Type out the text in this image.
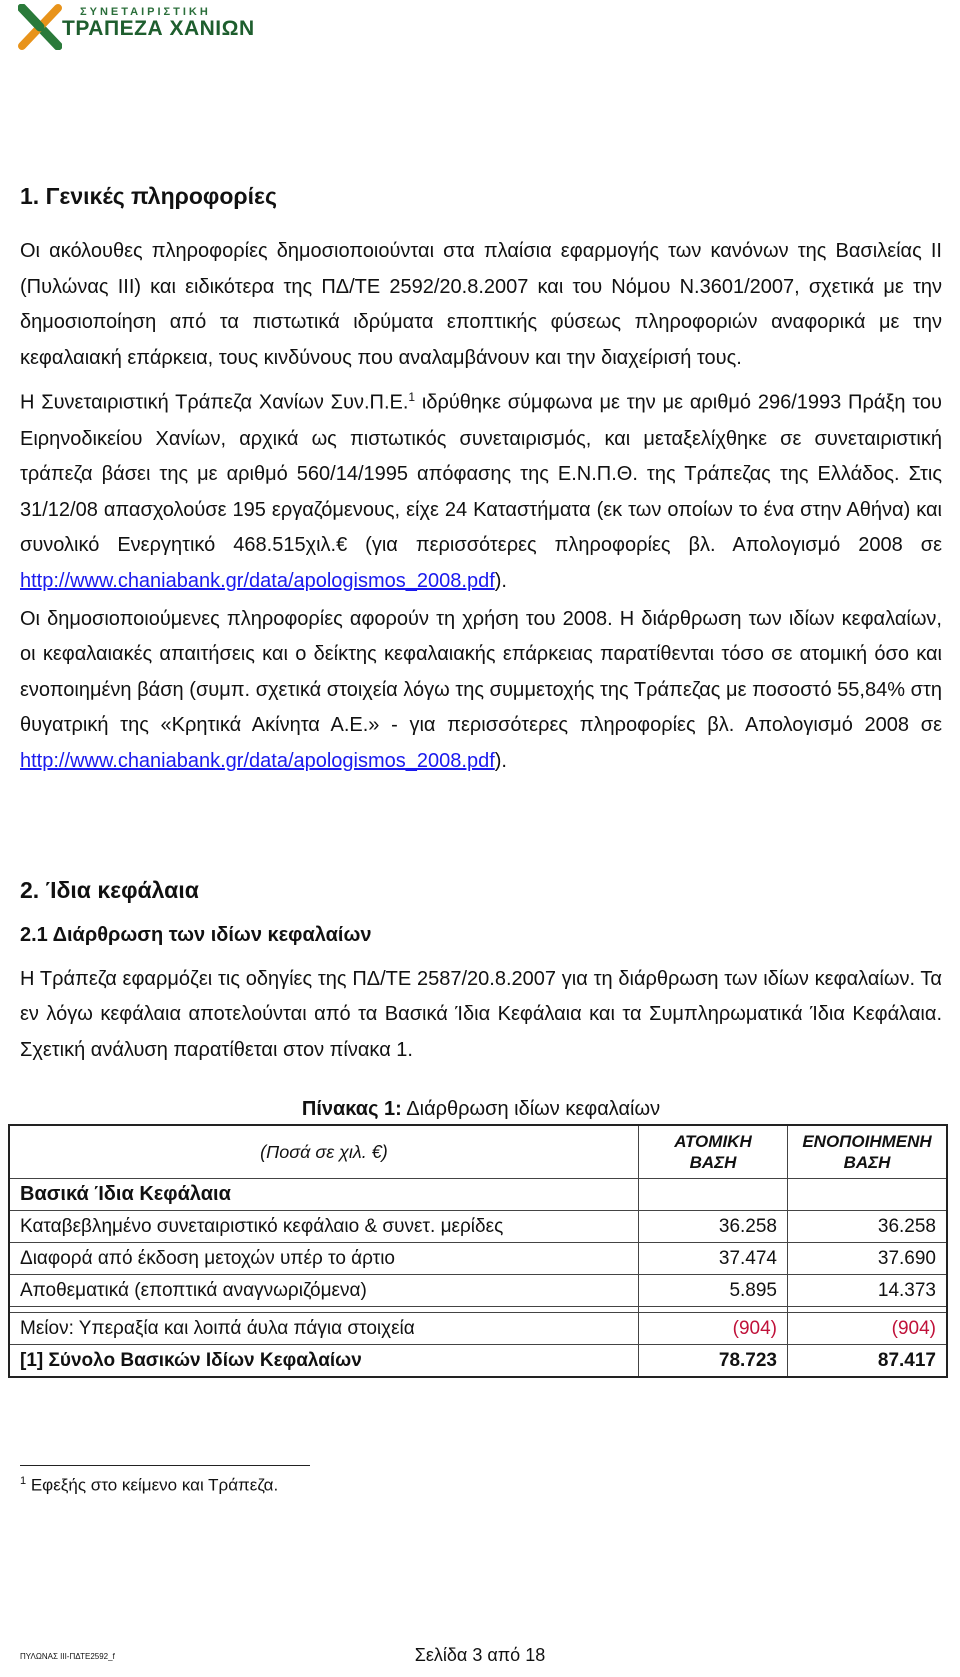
ΣΥΝΕΤΑΙΡΙΣΤΙΚΗ
ΤΡΑΠΕΖΑ ΧΑΝΙΩΝ
1. Γενικές πληροφορίες

Οι ακόλουθες πληροφορίες δημοσιοποιούνται στα πλαίσια εφαρμογής των κανόνων της Βασιλείας ΙΙ (Πυλώνας ΙΙΙ) και ειδικότερα της ΠΔ/ΤΕ 2592/20.8.2007 και του Νόμου Ν.3601/2007, σχετικά με την δημοσιοποίηση από τα πιστωτικά ιδρύματα εποπτικής φύσεως πληροφοριών αναφορικά με την κεφαλαιακή επάρκεια, τους κινδύνους που αναλαμβάνουν και την διαχείρισή τους.

Η Συνεταιριστική Τράπεζα Χανίων Συν.Π.Ε.$^1$ ιδρύθηκε σύμφωνα με την με αριθμό 296/1993 Πράξη του Ειρηνοδικείου Χανίων, αρχικά ως πιστωτικός συνεταιρισμός, και μεταξελίχθηκε σε συνεταιριστική τράπεζα βάσει της με αριθμό 560/14/1995 απόφασης της Ε.Ν.Π.Θ. της Τράπεζας της Ελλάδος. Στις 31/12/08 απασχολούσε 195 εργαζόμενους, είχε 24 Καταστήματα (εκ των οποίων το ένα στην Αθήνα) και συνολικό Ενεργητικό 468.515χιλ.€ (για περισσότερες πληροφορίες βλ. Απολογισμό 2008 σε http://www.chaniabank.gr/data/apologismos_2008.pdf).

Οι δημοσιοποιούμενες πληροφορίες αφορούν τη χρήση του 2008. Η διάρθρωση των ιδίων κεφαλαίων, οι κεφαλαιακές απαιτήσεις και ο δείκτης κεφαλαιακής επάρκειας παρατίθενται τόσο σε ατομική όσο και ενοποιημένη βάση (συμπ. σχετικά στοιχεία λόγω της συμμετοχής της Τράπεζας με ποσοστό 55,84% στη θυγατρική της «Κρητικά Ακίνητα Α.Ε.» - για περισσότερες πληροφορίες βλ. Απολογισμό 2008 σε http://www.chaniabank.gr/data/apologismos_2008.pdf).

2. Ίδια κεφάλαια
2.1 Διάρθρωση των ιδίων κεφαλαίων

Η Τράπεζα εφαρμόζει τις οδηγίες της ΠΔ/ΤΕ 2587/20.8.2007 για τη διάρθρωση των ιδίων κεφαλαίων. Τα εν λόγω κεφάλαια αποτελούνται από τα Βασικά Ίδια Κεφάλαια και τα Συμπληρωματικά Ίδια Κεφάλαια. Σχετική ανάλυση παρατίθεται στον πίνακα 1.

Πίνακας 1: Διάρθρωση ιδίων κεφαλαίων

(Ποσά σε χιλ. €)	ΑΤΟΜΙΚΗ ΒΑΣΗ	ΕΝΟΠΟΙΗΜΕΝΗ ΒΑΣΗ
Βασικά Ίδια Κεφάλαια		
Καταβεβλημένο συνεταιριστικό κεφάλαιο & συνετ. μερίδες	36.258	36.258
Διαφορά από έκδοση μετοχών υπέρ το άρτιο	37.474	37.690
Αποθεματικά (εποπτικά αναγνωριζόμενα)	5.895	14.373

Μείον: Υπεραξία και λοιπά άυλα πάγια στοιχεία	(904)	(904)
[1] Σύνολο Βασικών Ιδίων Κεφαλαίων	78.723	87.417
$^1$ Εφεξής στο κείμενο και Τράπεζα.
ΠΥΛΩΝΑΣ ΙΙΙ-ΠΔΤΕ2592_f	Σελίδα 3 από 18
